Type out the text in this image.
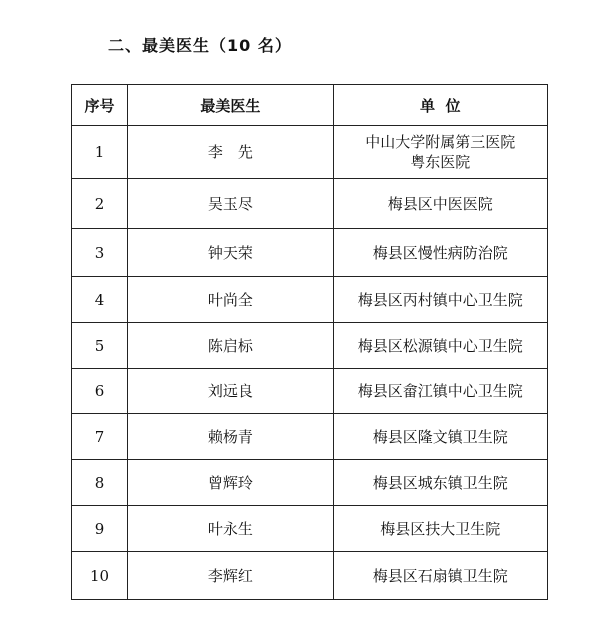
二、最美医生（10 名）
序号	最美医生	单  位
1	李　先	中山大学附属第三医院
粤东医院

2	吴玉尽	梅县区中医医院
3	钟天荣	梅县区慢性病防治院
4	叶尚全	梅县区丙村镇中心卫生院
5	陈启标	梅县区松源镇中心卫生院
6	刘远良	梅县区畲江镇中心卫生院
7	赖杨青	梅县区隆文镇卫生院
8	曾辉玲	梅县区城东镇卫生院
9	叶永生	梅县区扶大卫生院
10	李辉红	梅县区石扇镇卫生院
